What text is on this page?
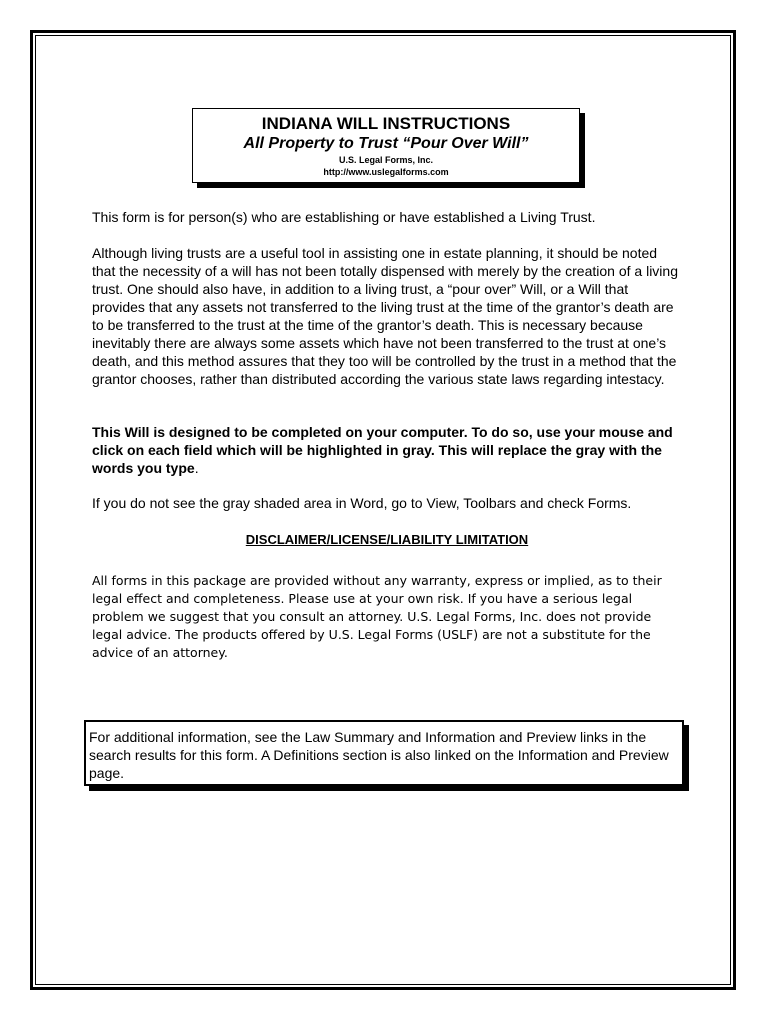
INDIANA WILL INSTRUCTIONS
All Property to Trust “Pour Over Will”
U.S. Legal Forms, Inc.
http://www.uslegalforms.com
This form is for person(s) who are establishing or have established a Living Trust.
Although living trusts are a useful tool in assisting one in estate planning, it should be noted that the necessity of a will has not been totally dispensed with merely by the creation of a living trust. One should also have, in addition to a living trust, a “pour over” Will, or a Will that provides that any assets not transferred to the living trust at the time of the grantor’s death are to be transferred to the trust at the time of the grantor’s death. This is necessary because inevitably there are always some assets which have not been transferred to the trust at one’s death, and this method assures that they too will be controlled by the trust in a method that the grantor chooses, rather than distributed according the various state laws regarding intestacy.
This Will is designed to be completed on your computer. To do so, use your mouse and click on each field which will be highlighted in gray. This will replace the gray with the words you type.
If you do not see the gray shaded area in Word, go to View, Toolbars and check Forms.
DISCLAIMER/LICENSE/LIABILITY LIMITATION
All forms in this package are provided without any warranty, express or implied, as to their legal effect and completeness. Please use at your own risk. If you have a serious legal problem we suggest that you consult an attorney. U.S. Legal Forms, Inc. does not provide legal advice. The products offered by U.S. Legal Forms (USLF) are not a substitute for the advice of an attorney.
For additional information, see the Law Summary and Information and Preview links in the search results for this form. A Definitions section is also linked on the Information and Preview page.
